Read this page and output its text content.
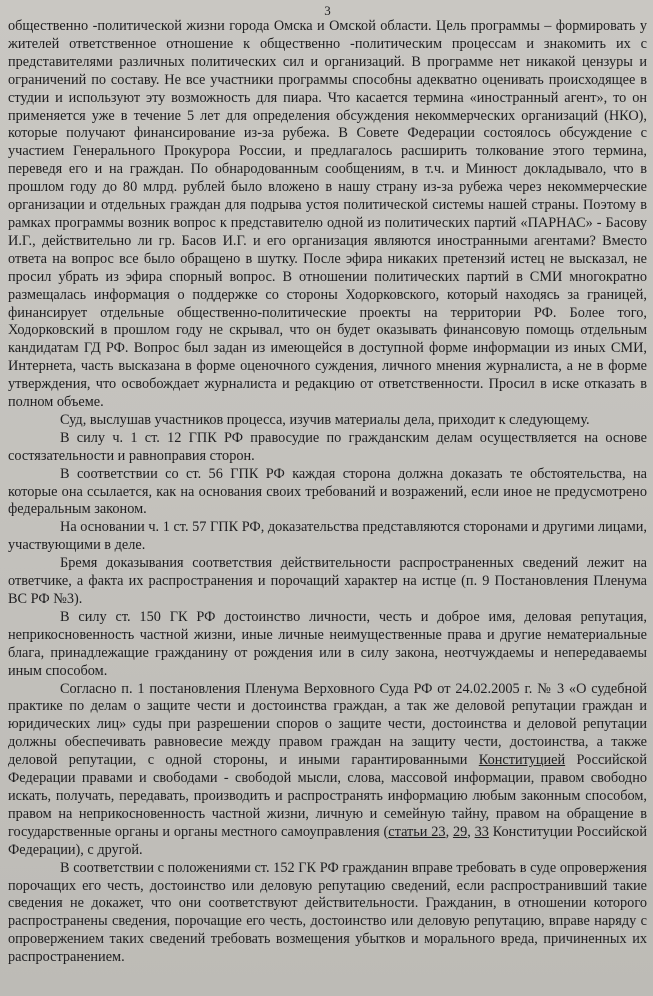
3

общественно -политической жизни города Омска и Омской области. Цель программы – формировать у жителей ответственное отношение к общественно -политическим процессам и знакомить их с представителями различных политических сил и организаций. В программе нет никакой цензуры и ограничений по составу. Не все участники программы способны адекватно оценивать происходящее в студии и используют эту возможность для пиара. Что касается термина «иностранный агент», то он применяется уже в течение 5 лет для определения обсуждения некоммерческих организаций (НКО), которые получают финансирование из-за рубежа. В Совете Федерации состоялось обсуждение с участием Генерального Прокурора России, и предлагалось расширить толкование этого термина, переведя его и на граждан. По обнародованным сообщениям, в т.ч. и Минюст докладывало, что в прошлом году до 80 млрд. рублей было вложено в нашу страну из-за рубежа через некоммерческие организации и отдельных граждан для подрыва устоя политической системы нашей страны. Поэтому в рамках программы возник вопрос к представителю одной из политических партий «ПАРНАС» - Басову И.Г., действительно ли гр. Басов И.Г. и его организация являются иностранными агентами? Вместо ответа на вопрос все было обращено в шутку. После эфира никаких претензий истец не высказал, не просил убрать из эфира спорный вопрос. В отношении политических партий в СМИ многократно размещалась информация о поддержке со стороны Ходорковского, который находясь за границей, финансирует отдельные общественно-политические проекты на территории РФ. Более того, Ходорковский в прошлом году не скрывал, что он будет оказывать финансовую помощь отдельным кандидатам ГД РФ. Вопрос был задан из имеющейся в доступной форме информации из иных СМИ, Интернета, часть высказана в форме оценочного суждения, личного мнения журналиста, а не в форме утверждения, что освобождает журналиста и редакцию от ответственности. Просил в иске отказать в полном объеме.

Суд, выслушав участников процесса, изучив материалы дела, приходит к следующему.

В силу ч. 1 ст. 12 ГПК РФ правосудие по гражданским делам осуществляется на основе состязательности и равноправия сторон.

В соответствии со ст. 56 ГПК РФ каждая сторона должна доказать те обстоятельства, на которые она ссылается, как на основания своих требований и возражений, если иное не предусмотрено федеральным законом.

На основании ч. 1 ст. 57 ГПК РФ, доказательства представляются сторонами и другими лицами, участвующими в деле.

Бремя доказывания соответствия действительности распространенных сведений лежит на ответчике, а факта их распространения и порочащий характер на истце (п. 9 Постановления Пленума ВС РФ №3).

В силу ст. 150 ГК РФ достоинство личности, честь и доброе имя, деловая репутация, неприкосновенность частной жизни, иные личные неимущественные права и другие нематериальные блага, принадлежащие гражданину от рождения или в силу закона, неотчуждаемы и непередаваемы иным способом.

Согласно п. 1 постановления Пленума Верховного Суда РФ от 24.02.2005 г. № 3 «О судебной практике по делам о защите чести и достоинства граждан, а так же деловой репутации граждан и юридических лиц» суды при разрешении споров о защите чести, достоинства и деловой репутации должны обеспечивать равновесие между правом граждан на защиту чести, достоинства, а также деловой репутации, с одной стороны, и иными гарантированными Конституцией Российской Федерации правами и свободами - свободой мысли, слова, массовой информации, правом свободно искать, получать, передавать, производить и распространять информацию любым законным способом, правом на неприкосновенность частной жизни, личную и семейную тайну, правом на обращение в государственные органы и органы местного самоуправления (статьи 23, 29, 33 Конституции Российской Федерации), с другой.

В соответствии с положениями ст. 152 ГК РФ гражданин вправе требовать в суде опровержения порочащих его честь, достоинство или деловую репутацию сведений, если распространивший такие сведения не докажет, что они соответствуют действительности. Гражданин, в отношении которого распространены сведения, порочащие его честь, достоинство или деловую репутацию, вправе наряду с опровержением таких сведений требовать возмещения убытков и морального вреда, причиненных их распространением.
